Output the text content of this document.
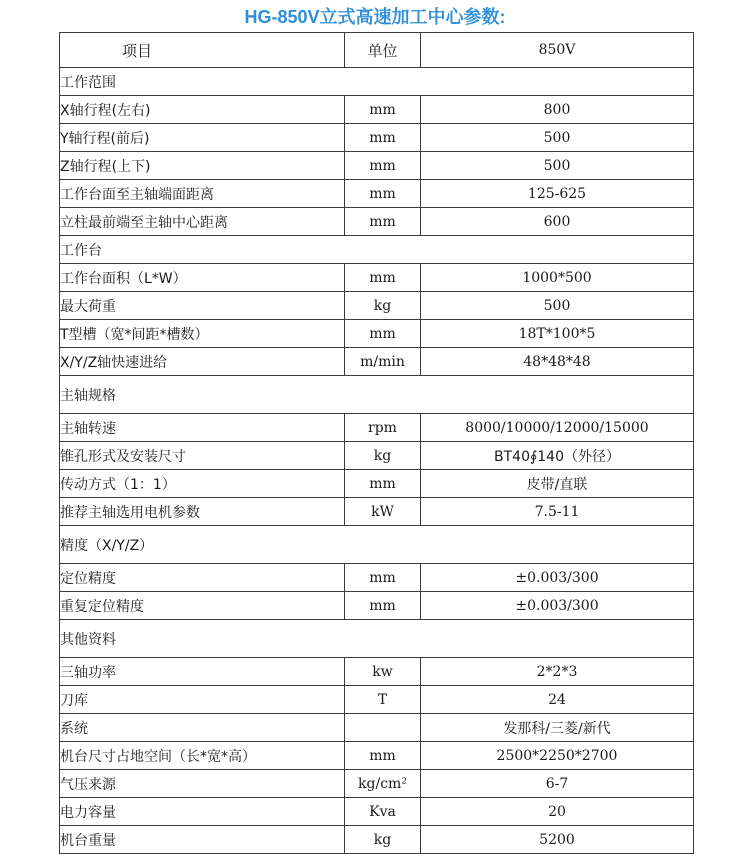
HG-850V立式高速加工中心参数:
项目	单位	850V
工作范围		
X轴行程(左右)	mm	800
Y轴行程(前后)	mm	500
Z轴行程(上下)	mm	500
工作台面至主轴端面距离	mm	125-625
立柱最前端至主轴中心距离	mm	600
工作台		
工作台面积（L*W）	mm	1000*500
最大荷重	kg	500
T型槽（宽*间距*槽数）	mm	18T*100*5
X/Y/Z轴快速进给	m/min	48*48*48
主轴规格		
主轴转速	rpm	8000/10000/12000/15000
锥孔形式及安装尺寸	kg	BT40∮140（外径）
传动方式（1：1）	mm	皮带/直联
推荐主轴选用电机参数	kW	7.5-11
精度（X/Y/Z）		
定位精度	mm	±0.003/300
重复定位精度	mm	±0.003/300
其他资料		
三轴功率	kw	2*2*3
刀库	T	24
系统		发那科/三菱/新代
机台尺寸占地空间（长*宽*高）	mm	2500*2250*2700
气压来源	kg/cm²	6-7
电力容量	Kva	20
机台重量	kg	5200
